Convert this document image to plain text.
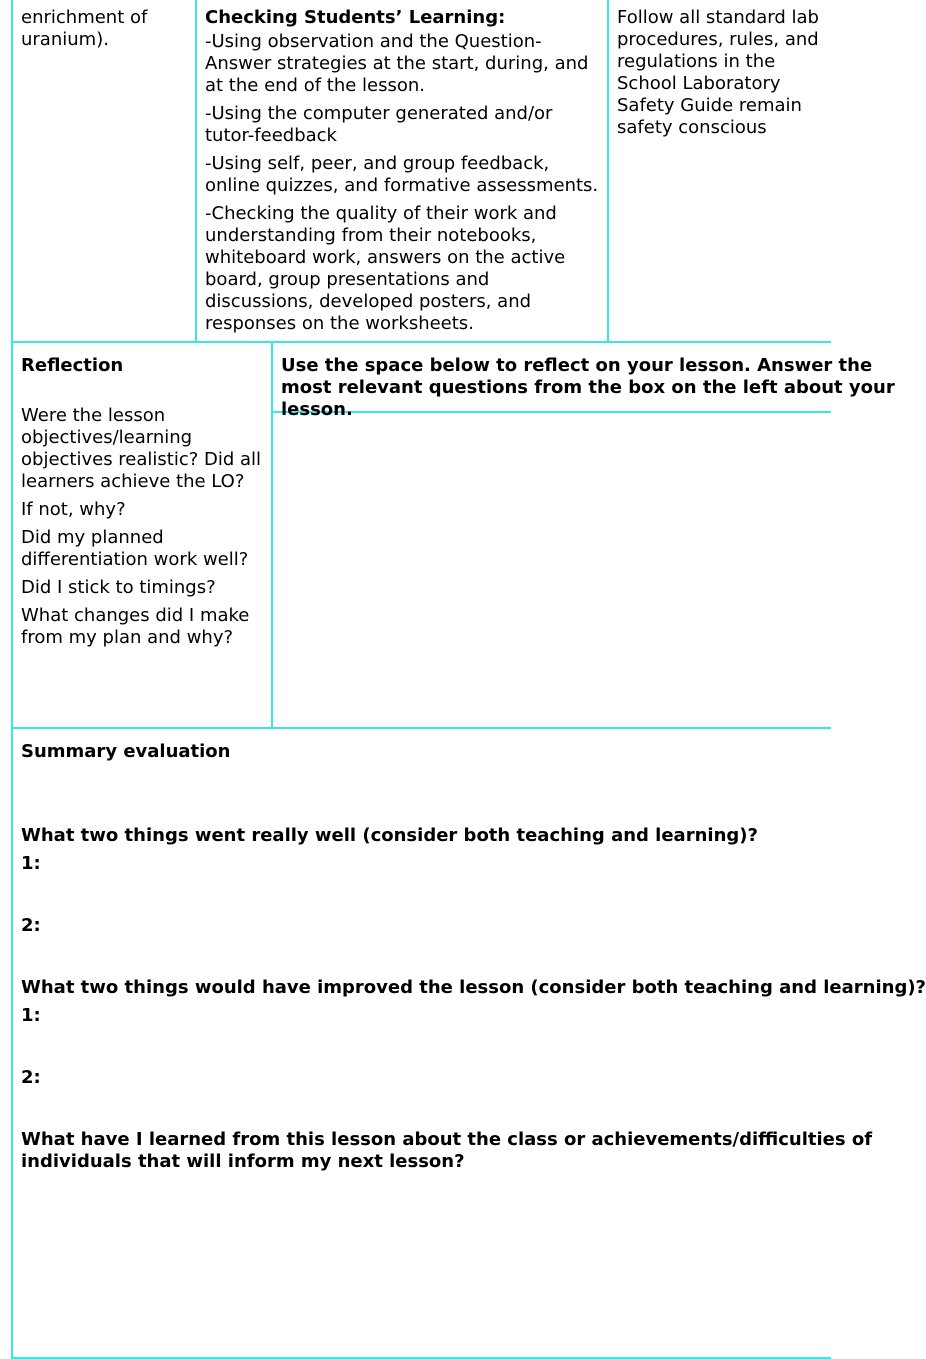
enrichment of uranium).

Checking Students’ Learning:

-Using observation and the Question-Answer strategies at the start, during, and at the end of the lesson.

-Using the computer generated and/or tutor-feedback

-Using self, peer, and group feedback, online quizzes, and formative assessments.

-Checking the quality of their work and understanding from their notebooks, whiteboard work, answers on the active board, group presentations and discussions, developed posters, and responses on the worksheets.

Follow all standard lab procedures, rules, and regulations in the School Laboratory Safety Guide remain safety conscious

Reflection

Were the lesson objectives/learning objectives realistic? Did all learners achieve the LO?

If not, why?

Did my planned differentiation work well?

Did I stick to timings?

What changes did I make from my plan and why?

Use the space below to reflect on your lesson. Answer the most relevant questions from the box on the left about your lesson.

Summary evaluation

What two things went really well (consider both teaching and learning)?

1:

2:

What two things would have improved the lesson (consider both teaching and learning)?

1:

2:

What have I learned from this lesson about the class or achievements/difficulties of individuals that will inform my next lesson?
